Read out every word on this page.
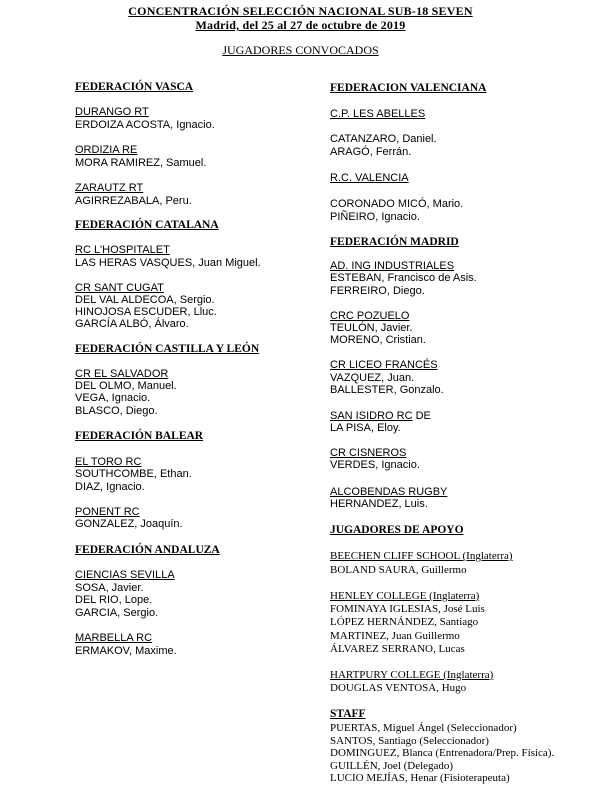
CONCENTRACIÓN SELECCIÓN NACIONAL SUB-18 SEVEN
Madrid, del 25 al 27 de octubre de 2019
JUGADORES CONVOCADOS
FEDERACIÓN VASCA
DURANGO RT
ERDOIZA ACOSTA, Ignacio.
ORDIZIA RE
MORA RAMIREZ, Samuel.
ZARAUTZ RT
AGIRREZABALA, Peru.
FEDERACIÓN CATALANA
RC L'HOSPITALET
LAS HERAS VASQUES, Juan Miguel.
CR SANT CUGAT
DEL VAL ALDECOA, Sergio.
HINOJOSA ESCUDER, Lluc.
GARCÍA ALBÓ, Álvaro.
FEDERACIÓN CASTILLA Y LEÓN
CR EL SALVADOR
DEL OLMO, Manuel.
VEGA, Ignacio.
BLASCO, Diego.
FEDERACIÓN BALEAR
EL TORO RC
SOUTHCOMBE, Ethan.
DIAZ, Ignacio.
PONENT RC
GONZALEZ, Joaquín.
FEDERACIÓN ANDALUZA
CIENCIAS SEVILLA
SOSA, Javier.
DEL RIO, Lope.
GARCIA, Sergio.
MARBELLA RC
ERMAKOV, Maxime.
FEDERACION VALENCIANA
C.P. LES ABELLES
CATANZARO, Daniel.
ARAGÓ, Ferrán.
R.C. VALENCIA
CORONADO MICÓ, Mario.
PIÑEIRO, Ignacio.
FEDERACIÓN MADRID
AD. ING INDUSTRIALES
ESTEBAN, Francisco de Asis.
FERREIRO, Diego.
CRC POZUELO
TEULÓN, Javier.
MORENO, Cristian.
CR LICEO FRANCÉS
VAZQUEZ, Juan.
BALLESTER, Gonzalo.
SAN ISIDRO RC DE
LA PISA, Eloy.
CR CISNEROS
VERDES, Ignacio.
ALCOBENDAS RUGBY
HERNANDEZ, Luis.
JUGADORES DE APOYO
BEECHEN CLIFF SCHOOL (Inglaterra)
BOLAND SAURA, Guillermo
HENLEY COLLEGE (Inglaterra)
FOMINAYA IGLESIAS, José Luis
LÓPEZ HERNÁNDEZ, Santiago
MARTINEZ, Juan Guillermo
ÁLVAREZ SERRANO, Lucas
HARTPURY COLLEGE (Inglaterra)
DOUGLAS VENTOSA, Hugo
STAFF
PUERTAS, Miguel Ángel (Seleccionador)
SANTOS, Santiago (Seleccionador)
DOMINGUEZ, Blanca (Entrenadora/Prep. Física).
GUILLÉN, Joel (Delegado)
LUCIO MEJÍAS, Henar (Fisioterapeuta)
